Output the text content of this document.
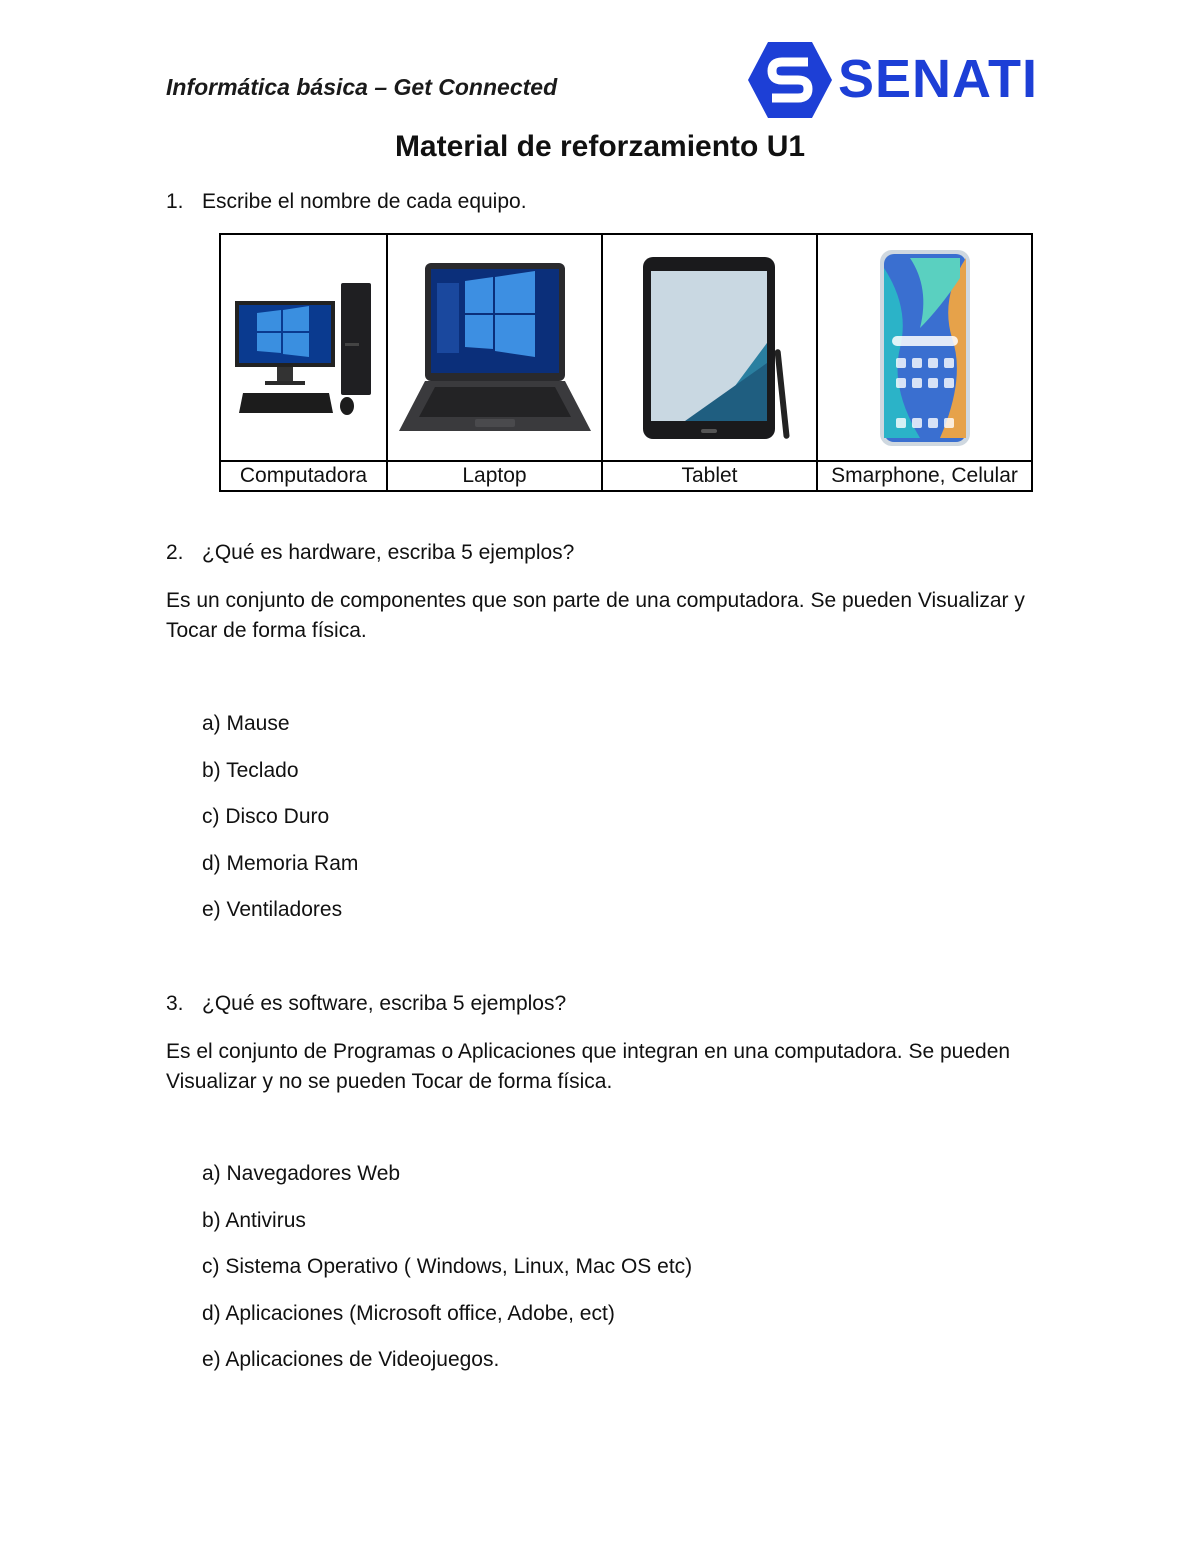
Informática básica – Get Connected	SENATI
Material de reforzamiento U1
1. Escribe el nombre de cada equipo.

Computadora	Laptop	Tablet	Smarphone, Celular
2. ¿Qué es hardware, escriba 5 ejemplos?
Es un conjunto de componentes que son parte de una computadora. Se pueden Visualizar y Tocar de forma física.
a) Mause
b) Teclado
c) Disco Duro
d) Memoria Ram
e) Ventiladores
3. ¿Qué es software, escriba 5 ejemplos?
Es el conjunto de Programas o Aplicaciones que integran en una computadora. Se pueden Visualizar y no se pueden Tocar de forma física.
a) Navegadores Web
b) Antivirus
c) Sistema Operativo ( Windows, Linux, Mac OS etc)
d) Aplicaciones (Microsoft office, Adobe, ect)
e) Aplicaciones de Videojuegos.
